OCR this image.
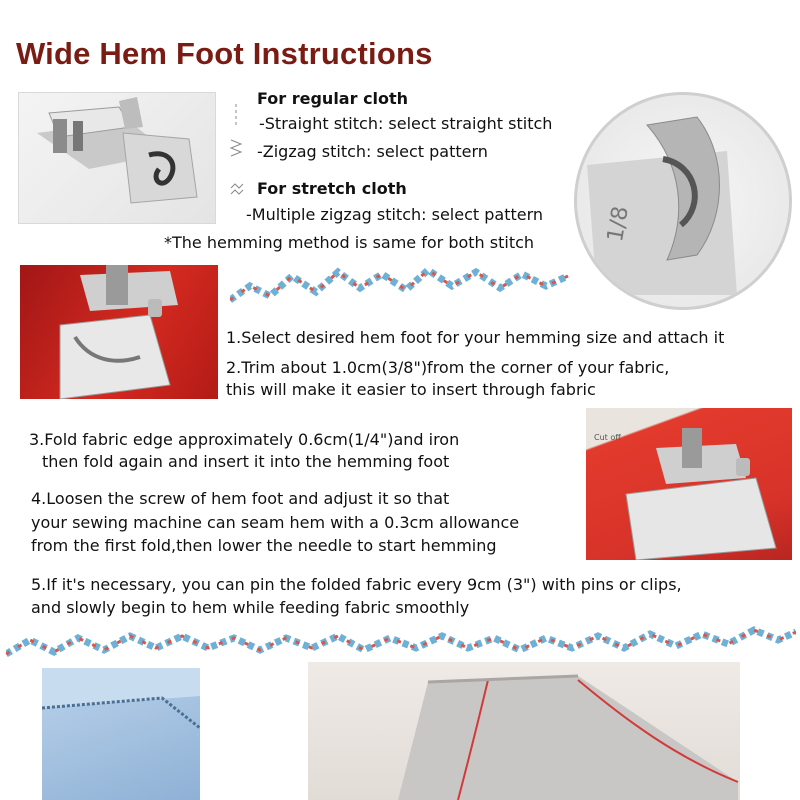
Wide Hem Foot Instructions
For regular cloth
-Straight stitch: select straight stitch
-Zigzag stitch: select pattern
For stretch cloth
-Multiple zigzag stitch: select pattern
*The hemming method is same for both stitch	1/8
1.Select desired hem foot for your hemming size and attach it
2.Trim about 1.0cm(3/8")from the corner of your fabric,
this will make it easier to insert through fabric
3.Fold fabric edge approximately 0.6cm(1/4")and iron
then fold again and insert it into the hemming foot
4.Loosen the screw of hem foot and adjust it so that
your sewing machine can seam hem with a 0.3cm allowance
from the first fold,then lower the needle to start hemming
Cut off
5.If it's necessary, you can pin the folded fabric every 9cm (3") with pins or clips,
and slowly begin to hem while feeding fabric smoothly
